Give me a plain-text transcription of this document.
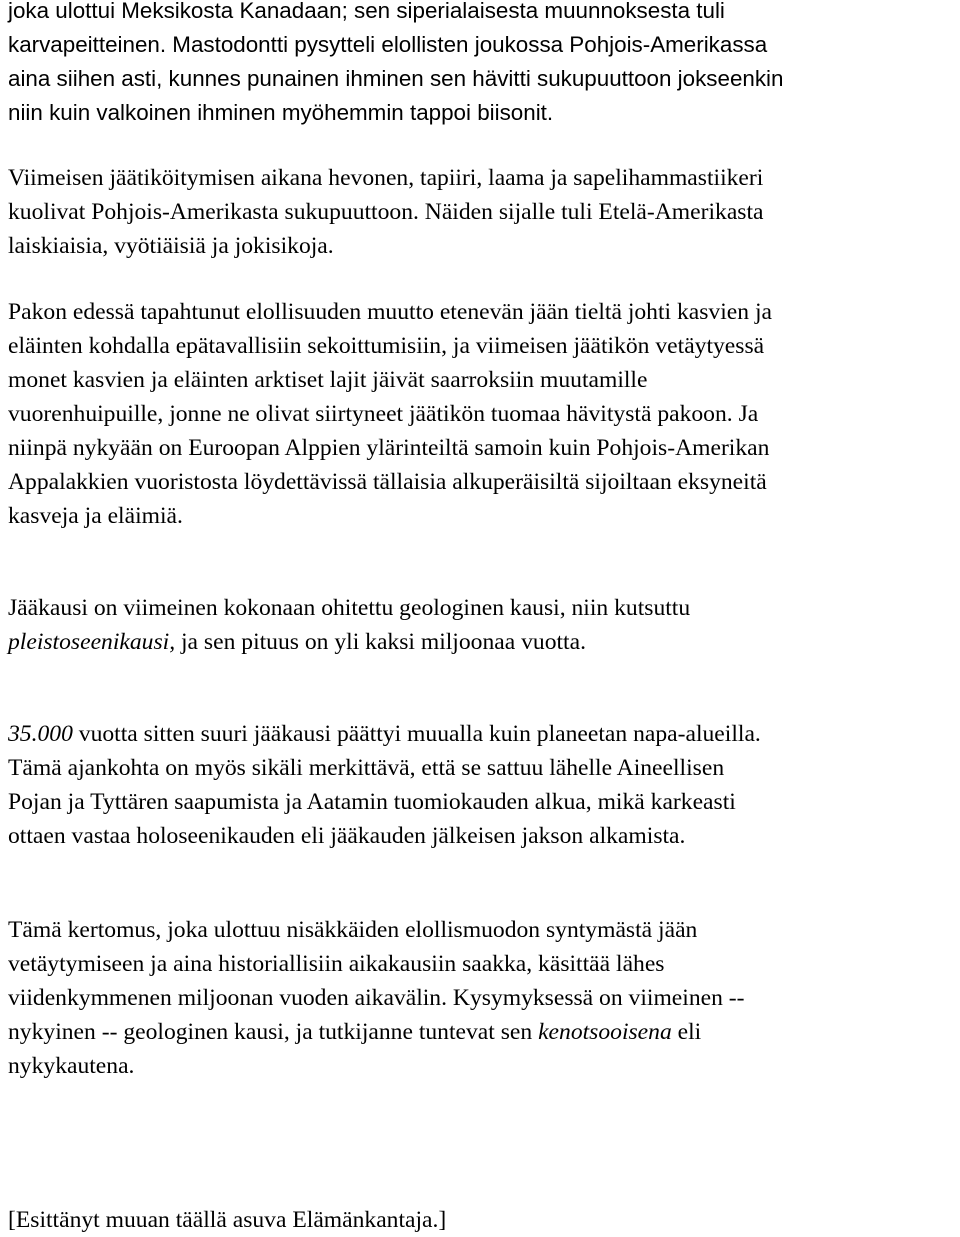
joka ulottui Meksikosta Kanadaan; sen siperialaisesta muunnoksesta tuli
karvapeitteinen. Mastodontti pysytteli elollisten joukossa Pohjois-Amerikassa
aina siihen asti, kunnes punainen ihminen sen hävitti sukupuuttoon jokseenkin
niin kuin valkoinen ihminen myöhemmin tappoi biisonit.

Viimeisen jäätiköitymisen aikana hevonen, tapiiri, laama ja sapelihammastiikeri
kuolivat Pohjois-Amerikasta sukupuuttoon. Näiden sijalle tuli Etelä-Amerikasta
laiskiaisia, vyötiäisiä ja jokisikoja.

Pakon edessä tapahtunut elollisuuden muutto etenevän jään tieltä johti kasvien ja
eläinten kohdalla epätavallisiin sekoittumisiin, ja viimeisen jäätikön vetäytyessä
monet kasvien ja eläinten arktiset lajit jäivät saarroksiin muutamille
vuorenhuipuille, jonne ne olivat siirtyneet jäätikön tuomaa hävitystä pakoon. Ja
niinpä nykyään on Euroopan Alppien ylärinteiltä samoin kuin Pohjois-Amerikan
Appalakkien vuoristosta löydettävissä tällaisia alkuperäisiltä sijoiltaan eksyneitä
kasveja ja eläimiä.

Jääkausi on viimeinen kokonaan ohitettu geologinen kausi, niin kutsuttu
pleistoseenikausi, ja sen pituus on yli kaksi miljoonaa vuotta.

35.000 vuotta sitten suuri jääkausi päättyi muualla kuin planeetan napa-alueilla.
Tämä ajankohta on myös sikäli merkittävä, että se sattuu lähelle Aineellisen
Pojan ja Tyttären saapumista ja Aatamin tuomiokauden alkua, mikä karkeasti
ottaen vastaa holoseenikauden eli jääkauden jälkeisen jakson alkamista.

Tämä kertomus, joka ulottuu nisäkkäiden elollismuodon syntymästä jään
vetäytymiseen ja aina historiallisiin aikakausiin saakka, käsittää lähes
viidenkymmenen miljoonan vuoden aikavälin. Kysymyksessä on viimeinen --
nykyinen -- geologinen kausi, ja tutkijanne tuntevat sen kenotsooisena eli
nykykautena.

[Esittänyt muuan täällä asuva Elämänkantaja.]
